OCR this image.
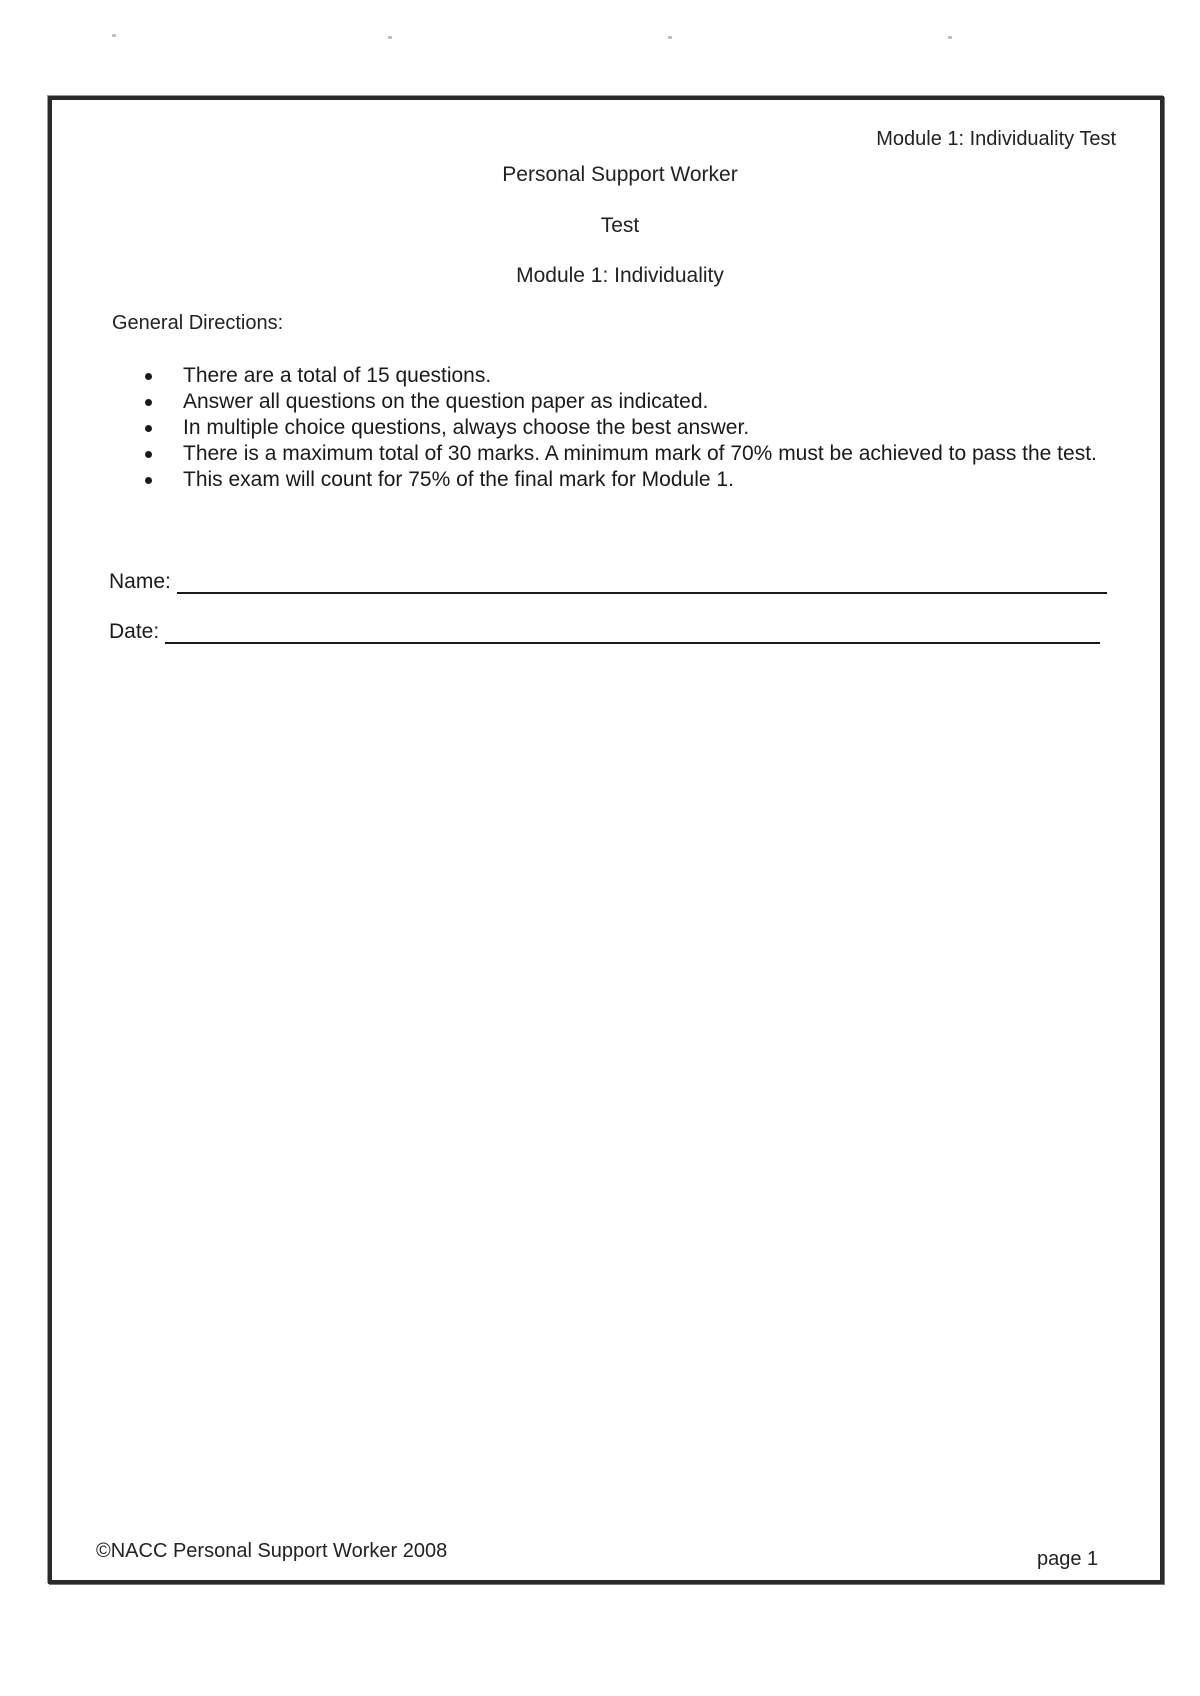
Module 1: Individuality Test
Personal Support Worker
Test
Module 1: Individuality
General Directions:
There are a total of 15 questions.
Answer all questions on the question paper as indicated.
In multiple choice questions, always choose the best answer.
There is a maximum total of 30 marks. A minimum mark of 70% must be achieved to pass the test.
This exam will count for 75% of the final mark for Module 1.
Name:
Date:
©NACC Personal Support Worker 2008	page 1
